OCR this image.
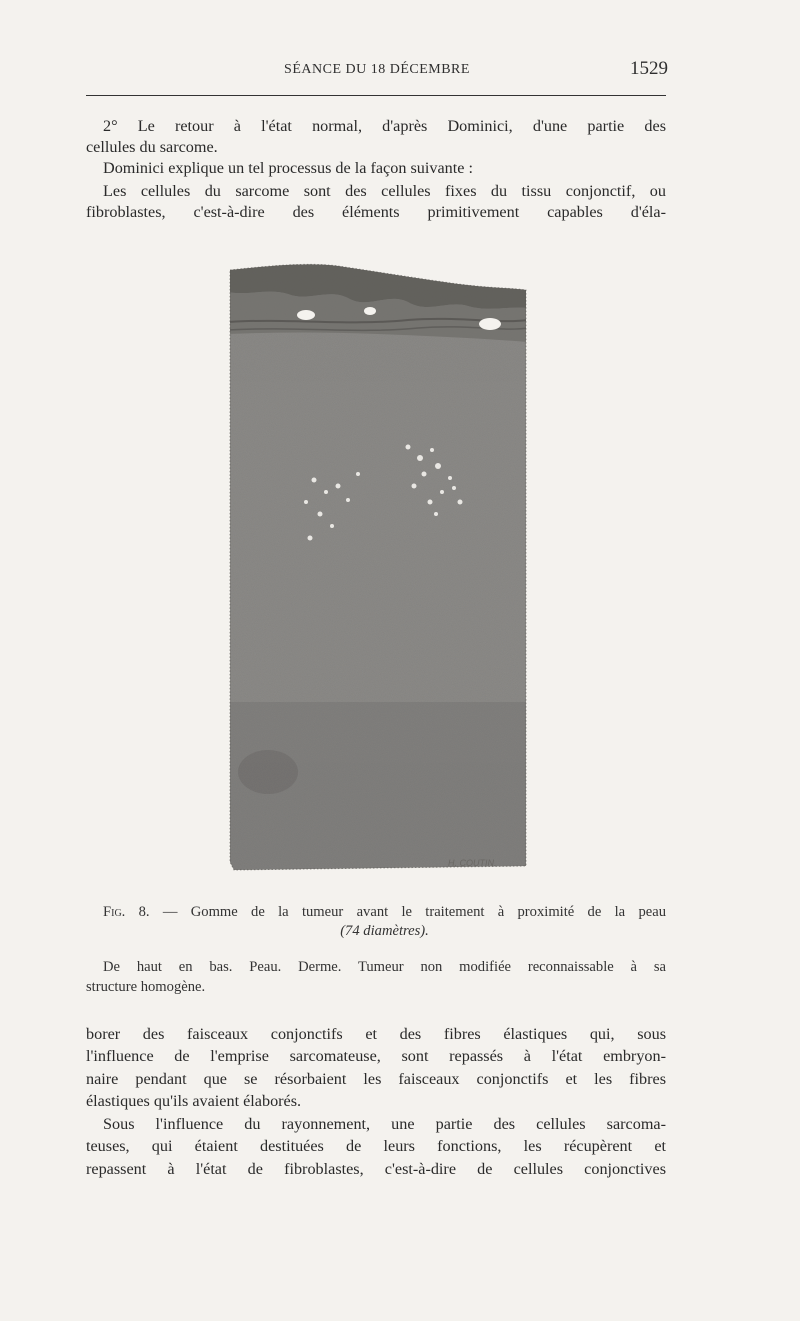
SÉANCE DU 18 DÉCEMBRE	1529
2° Le retour à l'état normal, d'après Dominici, d'une partie des
cellules du sarcome.
Dominici explique un tel processus de la façon suivante :
Les cellules du sarcome sont des cellules fixes du tissu conjonctif, ou
fibroblastes, c'est-à-dire des éléments primitivement capables d'éla-
H. COUTIN.
Fig. 8. — Gomme de la tumeur avant le traitement à proximité de la peau
(74 diamètres).
De haut en bas. Peau. Derme. Tumeur non modifiée reconnaissable à sa
structure homogène.
borer des faisceaux conjonctifs et des fibres élastiques qui, sous
l'influence de l'emprise sarcomateuse, sont repassés à l'état embryon-
naire pendant que se résorbaient les faisceaux conjonctifs et les fibres
élastiques qu'ils avaient élaborés.
Sous l'influence du rayonnement, une partie des cellules sarcoma-
teuses, qui étaient destituées de leurs fonctions, les récupèrent et
repassent à l'état de fibroblastes, c'est-à-dire de cellules conjonctives
